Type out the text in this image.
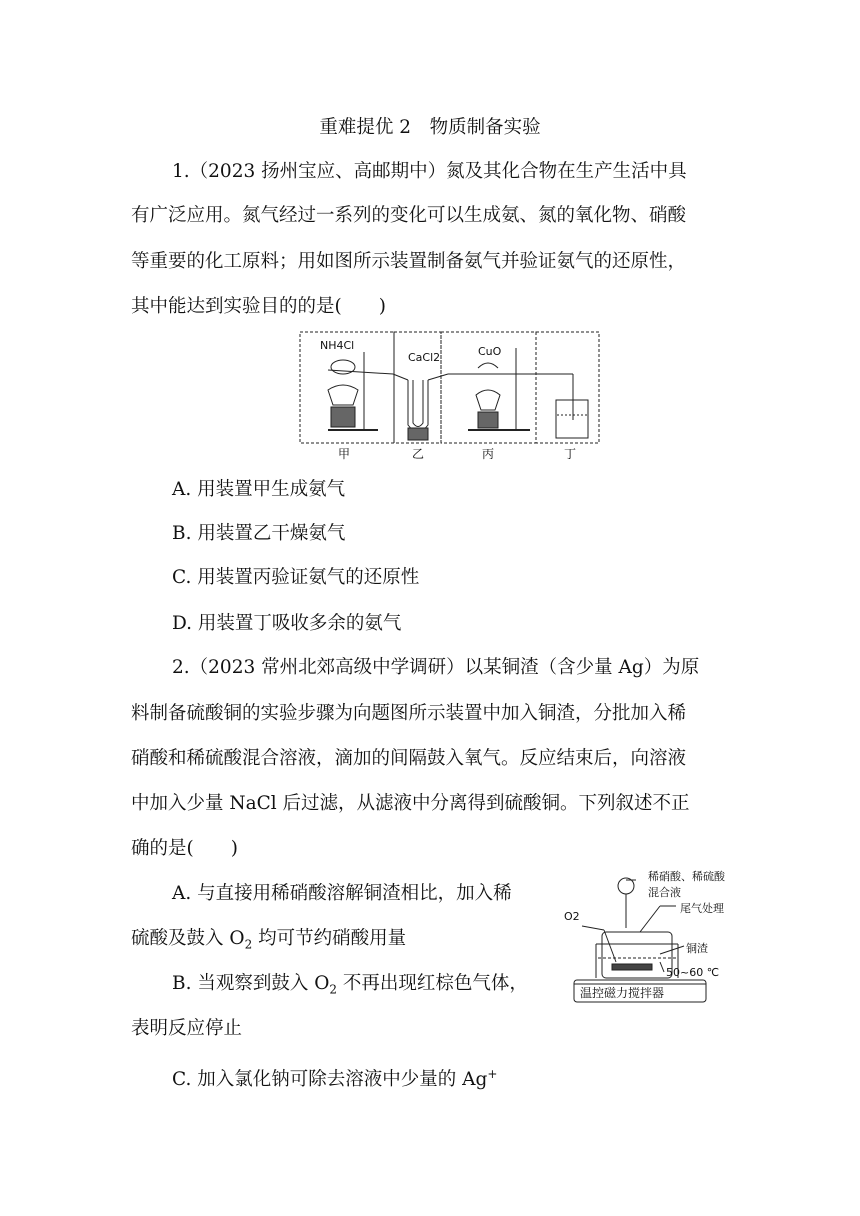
重难提优 2　物质制备实验
1.（2023 扬州宝应、高邮期中）氮及其化合物在生产生活中具
有广泛应用。氮气经过一系列的变化可以生成氨、氮的氧化物、硝酸
等重要的化工原料；用如图所示装置制备氨气并验证氨气的还原性，
其中能达到实验目的的是(　　)
NH4Cl
CaCl2	CuO
甲	乙	丙	丁
A. 用装置甲生成氨气
B. 用装置乙干燥氨气
C. 用装置丙验证氨气的还原性
D. 用装置丁吸收多余的氨气
2.（2023 常州北郊高级中学调研）以某铜渣（含少量 Ag）为原
料制备硫酸铜的实验步骤为向题图所示装置中加入铜渣，分批加入稀
硝酸和稀硫酸混合溶液，滴加的间隔鼓入氧气。反应结束后，向溶液
中加入少量 NaCl 后过滤，从滤液中分离得到硫酸铜。下列叙述不正
确的是(　　)
A. 与直接用稀硝酸溶解铜渣相比，加入稀
硫酸及鼓入 $O_2$ 均可节约硝酸用量
B. 当观察到鼓入 $O_2$ 不再出现红棕色气体，
表明反应停止
C. 加入氯化钠可除去溶液中少量的 Ag+
稀硝酸、稀硫酸
混合液
O2
尾气处理
铜渣
50~60 ℃
温控磁力搅拌器
